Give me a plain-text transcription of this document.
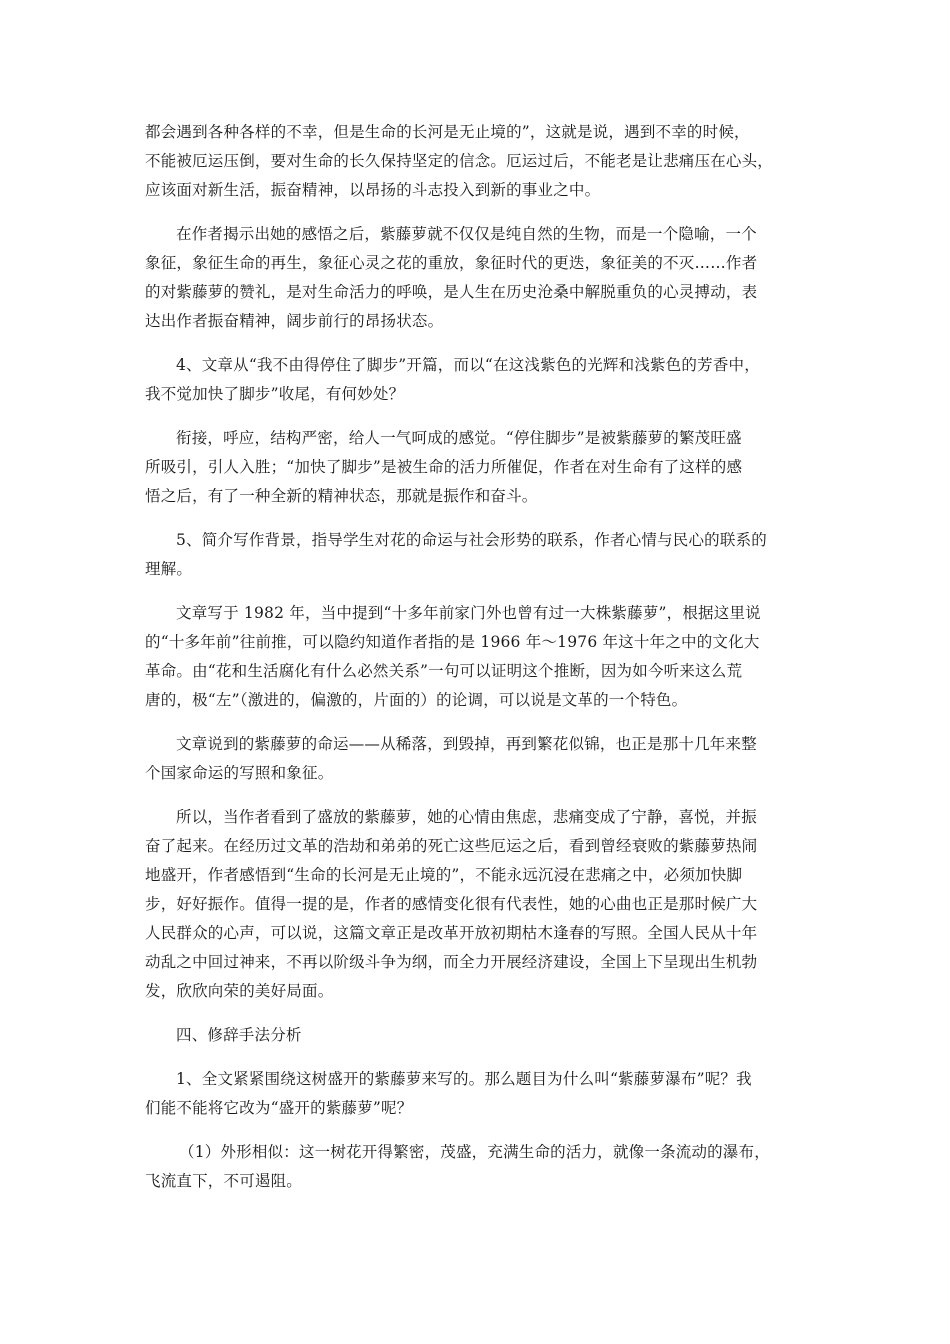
都会遇到各种各样的不幸，但是生命的长河是无止境的”，这就是说，遇到不幸的时候，
不能被厄运压倒，要对生命的长久保持坚定的信念。厄运过后，不能老是让悲痛压在心头，
应该面对新生活，振奋精神，以昂扬的斗志投入到新的事业之中。

在作者揭示出她的感悟之后，紫藤萝就不仅仅是纯自然的生物，而是一个隐喻，一个
象征，象征生命的再生，象征心灵之花的重放，象征时代的更迭，象征美的不灭……作者
的对紫藤萝的赞礼，是对生命活力的呼唤，是人生在历史沧桑中解脱重负的心灵搏动，表
达出作者振奋精神，阔步前行的昂扬状态。

4、文章从“我不由得停住了脚步”开篇，而以“在这浅紫色的光辉和浅紫色的芳香中，
我不觉加快了脚步”收尾，有何妙处？

衔接，呼应，结构严密，给人一气呵成的感觉。“停住脚步”是被紫藤萝的繁茂旺盛
所吸引，引人入胜；“加快了脚步”是被生命的活力所催促，作者在对生命有了这样的感
悟之后，有了一种全新的精神状态，那就是振作和奋斗。

5、简介写作背景，指导学生对花的命运与社会形势的联系，作者心情与民心的联系的
理解。

文章写于 1982 年，当中提到“十多年前家门外也曾有过一大株紫藤萝”，根据这里说
的“十多年前”往前推，可以隐约知道作者指的是 1966 年～1976 年这十年之中的文化大
革命。由“花和生活腐化有什么必然关系”一句可以证明这个推断，因为如今听来这么荒
唐的，极“左”（激进的，偏激的，片面的）的论调，可以说是文革的一个特色。

文章说到的紫藤萝的命运——从稀落，到毁掉，再到繁花似锦，也正是那十几年来整
个国家命运的写照和象征。

所以，当作者看到了盛放的紫藤萝，她的心情由焦虑，悲痛变成了宁静，喜悦，并振
奋了起来。在经历过文革的浩劫和弟弟的死亡这些厄运之后，看到曾经衰败的紫藤萝热闹
地盛开，作者感悟到“生命的长河是无止境的”，不能永远沉浸在悲痛之中，必须加快脚
步，好好振作。值得一提的是，作者的感情变化很有代表性，她的心曲也正是那时候广大
人民群众的心声，可以说，这篇文章正是改革开放初期枯木逢春的写照。全国人民从十年
动乱之中回过神来，不再以阶级斗争为纲，而全力开展经济建设，全国上下呈现出生机勃
发，欣欣向荣的美好局面。

四、修辞手法分析

1、全文紧紧围绕这树盛开的紫藤萝来写的。那么题目为什么叫“紫藤萝瀑布”呢？我
们能不能将它改为“盛开的紫藤萝”呢？

（1）外形相似：这一树花开得繁密，茂盛，充满生命的活力，就像一条流动的瀑布，
飞流直下，不可遏阻。
